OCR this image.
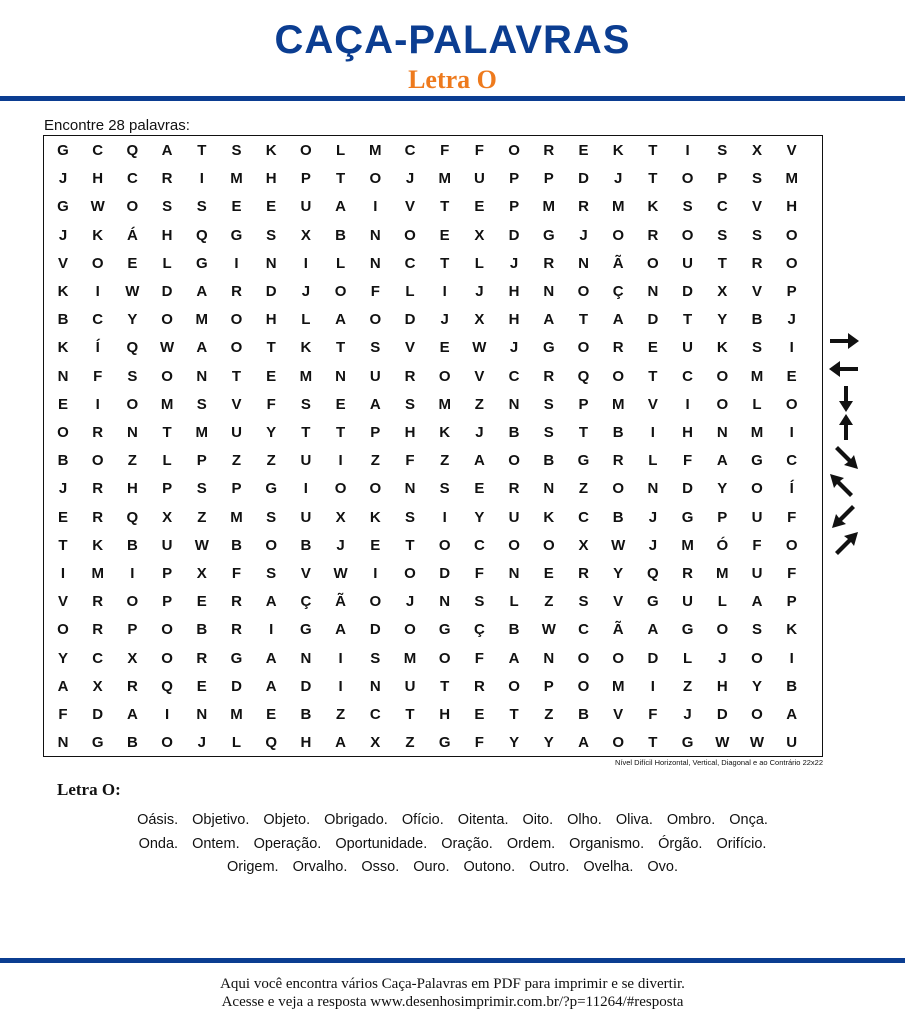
CAÇA-PALAVRAS
Letra O
Encontre 28 palavras:
G	C	Q	A	T	S	K	O	L	M	C	F	F	O	R	E	K	T	I	S	X	V
J	H	C	R	I	M	H	P	T	O	J	M	U	P	P	D	J	T	O	P	S	M
G	W	O	S	S	E	E	U	A	I	V	T	E	P	M	R	M	K	S	C	V	H
J	K	Á	H	Q	G	S	X	B	N	O	E	X	D	G	J	O	R	O	S	S	O
V	O	E	L	G	I	N	I	L	N	C	T	L	J	R	N	Ã	O	U	T	R	O
K	I	W	D	A	R	D	J	O	F	L	I	J	H	N	O	Ç	N	D	X	V	P
B	C	Y	O	M	O	H	L	A	O	D	J	X	H	A	T	A	D	T	Y	B	J
K	Í	Q	W	A	O	T	K	T	S	V	E	W	J	G	O	R	E	U	K	S	I
N	F	S	O	N	T	E	M	N	U	R	O	V	C	R	Q	O	T	C	O	M	E
E	I	O	M	S	V	F	S	E	A	S	M	Z	N	S	P	M	V	I	O	L	O
O	R	N	T	M	U	Y	T	T	P	H	K	J	B	S	T	B	I	H	N	M	I
B	O	Z	L	P	Z	Z	U	I	Z	F	Z	A	O	B	G	R	L	F	A	G	C
J	R	H	P	S	P	G	I	O	O	N	S	E	R	N	Z	O	N	D	Y	O	Í
E	R	Q	X	Z	M	S	U	X	K	S	I	Y	U	K	C	B	J	G	P	U	F
T	K	B	U	W	B	O	B	J	E	T	O	C	O	O	X	W	J	M	Ó	F	O
I	M	I	P	X	F	S	V	W	I	O	D	F	N	E	R	Y	Q	R	M	U	F
V	R	O	P	E	R	A	Ç	Ã	O	J	N	S	L	Z	S	V	G	U	L	A	P
O	R	P	O	B	R	I	G	A	D	O	G	Ç	B	W	C	Ã	A	G	O	S	K
Y	C	X	O	R	G	A	N	I	S	M	O	F	A	N	O	O	D	L	J	O	I
A	X	R	Q	E	D	A	D	I	N	U	T	R	O	P	O	M	I	Z	H	Y	B
F	D	A	I	N	M	E	B	Z	C	T	H	E	T	Z	B	V	F	J	D	O	A
N	G	B	O	J	L	Q	H	A	X	Z	G	F	Y	Y	A	O	T	G	W	W	U
Nível Difícil Horizontal, Vertical, Diagonal e ao Contrário 22x22
Letra O:
Oásis. Objetivo. Objeto. Obrigado. Ofício. Oitenta. Oito. Olho. Oliva. Ombro. Onça.
Onda. Ontem. Operação. Oportunidade. Oração. Ordem. Organismo. Órgão. Orifício.
Origem. Orvalho. Osso. Ouro. Outono. Outro. Ovelha. Ovo.
Aqui você encontra vários Caça-Palavras em PDF para imprimir e se divertir.
Acesse e veja a resposta www.desenhosimprimir.com.br/?p=11264/#resposta
